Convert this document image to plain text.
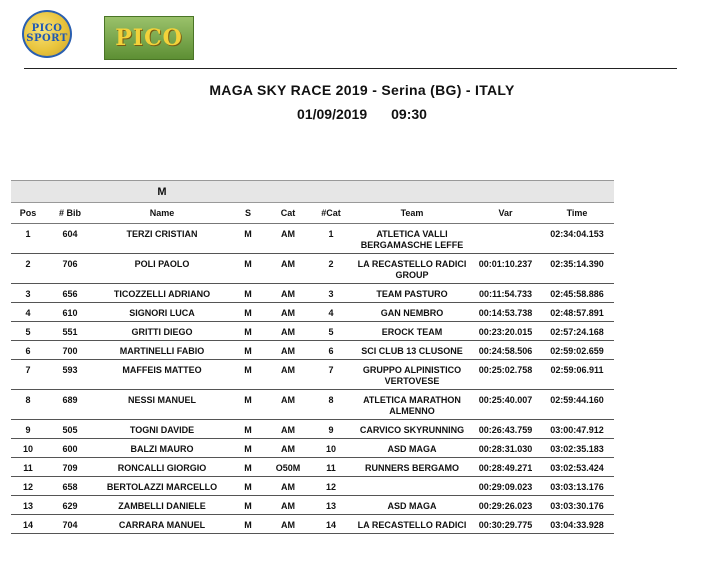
PICO
SPORT PICO
MAGA SKY RACE 2019 - Serina (BG) - ITALY
01/09/2019 09:30
		M						
Pos	# Bib	Name	S	Cat	#Cat	Team	Var	Time
1	604	TERZI CRISTIAN	M	AM	1	ATLETICA VALLI BERGAMASCHE LEFFE		02:34:04.153
2	706	POLI PAOLO	M	AM	2	LA RECASTELLO RADICI GROUP	00:01:10.237	02:35:14.390
3	656	TICOZZELLI ADRIANO	M	AM	3	TEAM PASTURO	00:11:54.733	02:45:58.886
4	610	SIGNORI LUCA	M	AM	4	GAN NEMBRO	00:14:53.738	02:48:57.891
5	551	GRITTI DIEGO	M	AM	5	EROCK TEAM	00:23:20.015	02:57:24.168
6	700	MARTINELLI FABIO	M	AM	6	SCI CLUB 13 CLUSONE	00:24:58.506	02:59:02.659
7	593	MAFFEIS MATTEO	M	AM	7	GRUPPO ALPINISTICO VERTOVESE	00:25:02.758	02:59:06.911
8	689	NESSI MANUEL	M	AM	8	ATLETICA MARATHON ALMENNO	00:25:40.007	02:59:44.160
9	505	TOGNI DAVIDE	M	AM	9	CARVICO SKYRUNNING	00:26:43.759	03:00:47.912
10	600	BALZI MAURO	M	AM	10	ASD MAGA	00:28:31.030	03:02:35.183
11	709	RONCALLI GIORGIO	M	O50M	11	RUNNERS BERGAMO	00:28:49.271	03:02:53.424
12	658	BERTOLAZZI MARCELLO	M	AM	12		00:29:09.023	03:03:13.176
13	629	ZAMBELLI DANIELE	M	AM	13	ASD MAGA	00:29:26.023	03:03:30.176
14	704	CARRARA MANUEL	M	AM	14	LA RECASTELLO RADICI	00:30:29.775	03:04:33.928
